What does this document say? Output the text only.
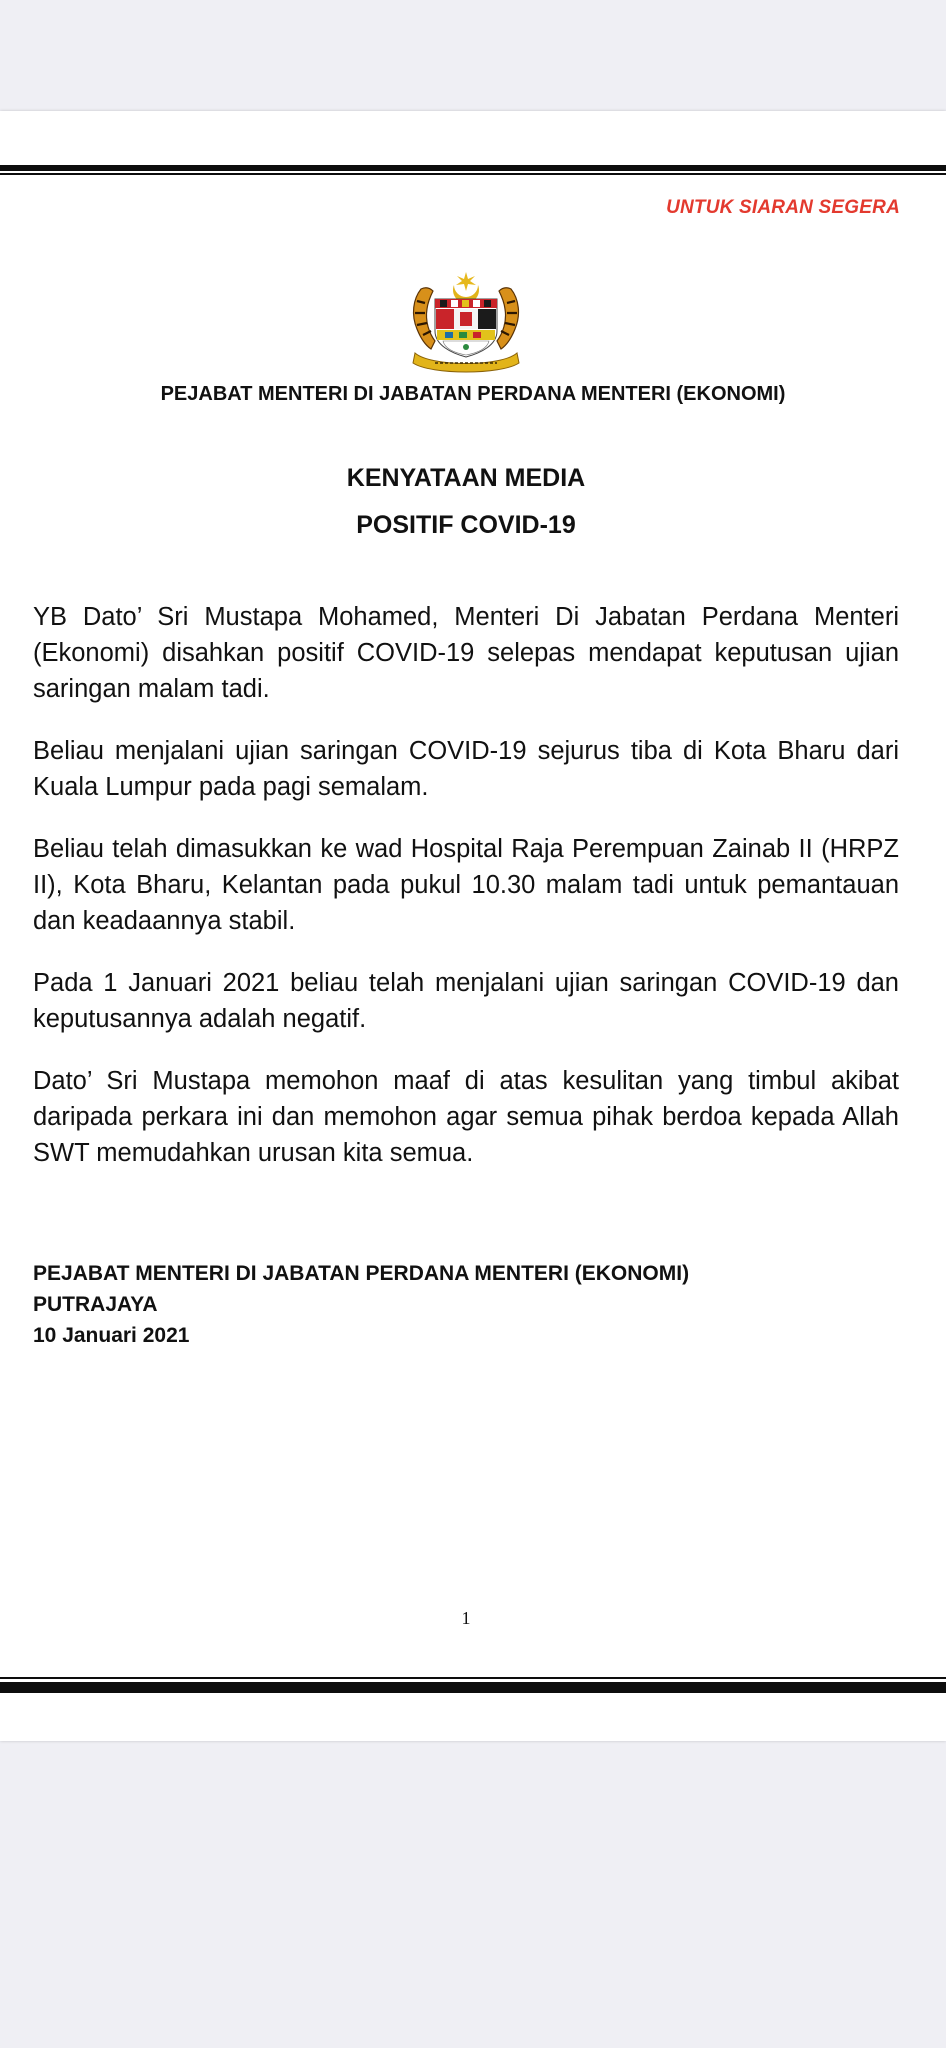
UNTUK SIARAN SEGERA
PEJABAT MENTERI DI JABATAN PERDANA MENTERI (EKONOMI)
KENYATAAN MEDIA
POSITIF COVID-19

YB Dato’ Sri Mustapa Mohamed, Menteri Di Jabatan Perdana Menteri (Ekonomi) disahkan positif COVID-19 selepas mendapat keputusan ujian saringan malam tadi.

Beliau menjalani ujian saringan COVID-19 sejurus tiba di Kota Bharu dari Kuala Lumpur pada pagi semalam.

Beliau telah dimasukkan ke wad Hospital Raja Perempuan Zainab II (HRPZ II), Kota Bharu, Kelantan pada pukul 10.30 malam tadi untuk pemantauan dan keadaannya stabil.

Pada 1 Januari 2021 beliau telah menjalani ujian saringan COVID-19 dan keputusannya adalah negatif.

Dato’ Sri Mustapa memohon maaf di atas kesulitan yang timbul akibat daripada perkara ini dan memohon agar semua pihak berdoa kepada Allah SWT memudahkan urusan kita semua.

PEJABAT MENTERI DI JABATAN PERDANA MENTERI (EKONOMI)
PUTRAJAYA
10 Januari 2021
1
